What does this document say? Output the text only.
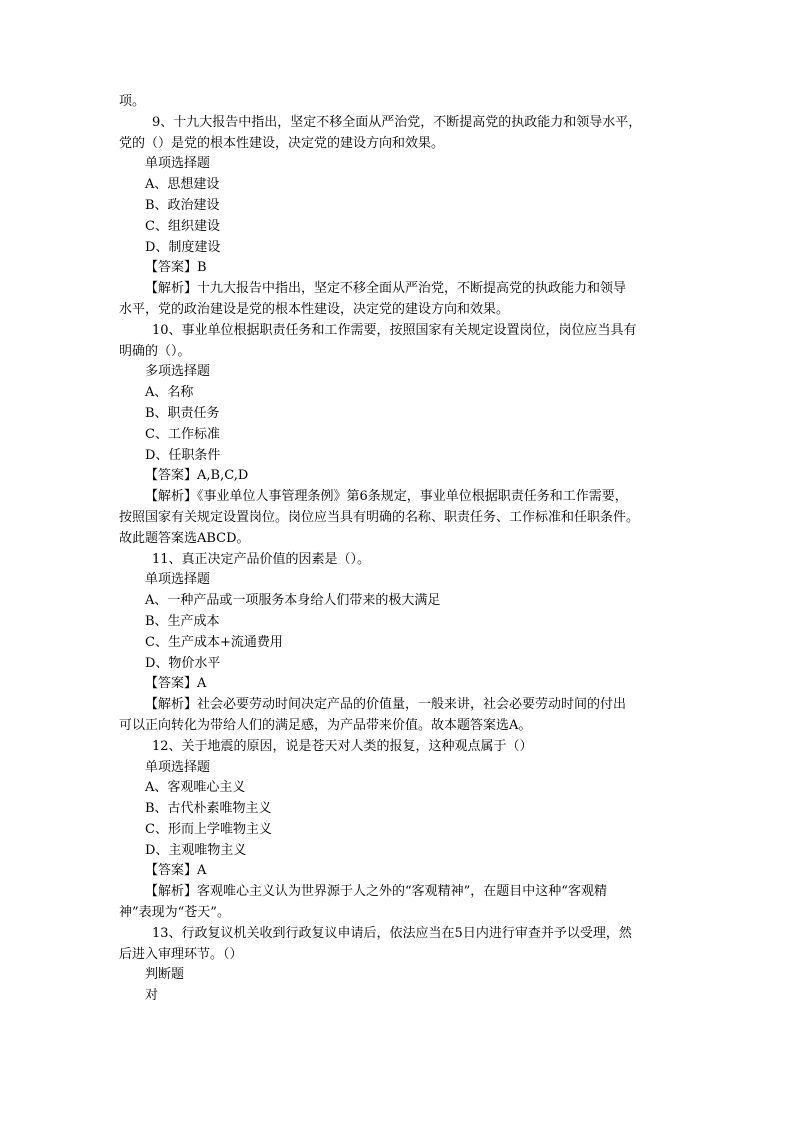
项。
9、十九大报告中指出，坚定不移全面从严治党，不断提高党的执政能力和领导水平，
党的（）是党的根本性建设，决定党的建设方向和效果。
单项选择题
A、思想建设
B、政治建设
C、组织建设
D、制度建设
【答案】B
【解析】十九大报告中指出，坚定不移全面从严治党，不断提高党的执政能力和领导
水平，党的政治建设是党的根本性建设，决定党的建设方向和效果。
10、事业单位根据职责任务和工作需要，按照国家有关规定设置岗位，岗位应当具有
明确的（）。
多项选择题
A、名称
B、职责任务
C、工作标准
D、任职条件
【答案】A,B,C,D
【解析】《事业单位人事管理条例》第6条规定，事业单位根据职责任务和工作需要，
按照国家有关规定设置岗位。岗位应当具有明确的名称、职责任务、工作标准和任职条件。
故此题答案选ABCD。
11、真正决定产品价值的因素是（）。
单项选择题
A、一种产品或一项服务本身给人们带来的极大满足
B、生产成本
C、生产成本+流通费用
D、物价水平
【答案】A
【解析】社会必要劳动时间决定产品的价值量，一般来讲，社会必要劳动时间的付出
可以正向转化为带给人们的满足感，为产品带来价值。故本题答案选A。
12、关于地震的原因，说是苍天对人类的报复，这种观点属于（）
单项选择题
A、客观唯心主义
B、古代朴素唯物主义
C、形而上学唯物主义
D、主观唯物主义
【答案】A
【解析】客观唯心主义认为世界源于人之外的“客观精神”，在题目中这种“客观精
神”表现为“苍天”。
13、行政复议机关收到行政复议申请后，依法应当在5日内进行审查并予以受理，然
后进入审理环节。（）
判断题
对
